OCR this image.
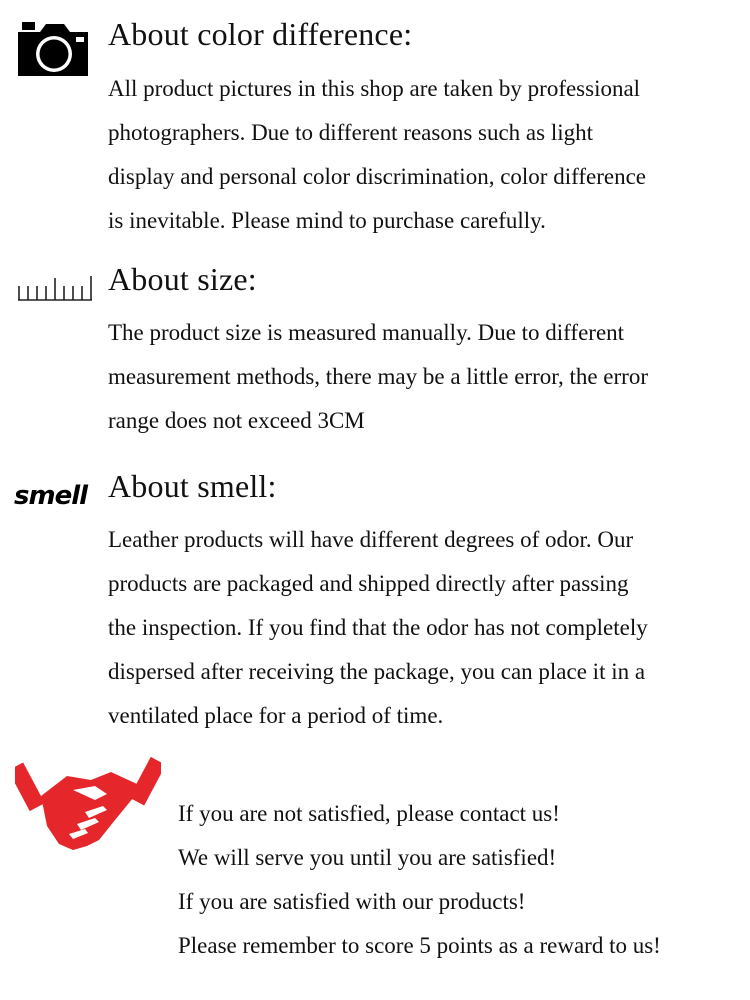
About color difference:

All product pictures in this shop are taken by professional
photographers. Due to different reasons such as light
display and personal color discrimination, color difference
is inevitable. Please mind to purchase carefully.

About size:

The product size is measured manually. Due to different
measurement methods, there may be a little error, the error
range does not exceed 3CM

smell About smell:

Leather products will have different degrees of odor. Our
products are packaged and shipped directly after passing
the inspection. If you find that the odor has not completely
dispersed after receiving the package, you can place it in a
ventilated place for a period of time.

If you are not satisfied, please contact us!
We will serve you until you are satisfied!
If you are satisfied with our products!
Please remember to score 5 points as a reward to us!
